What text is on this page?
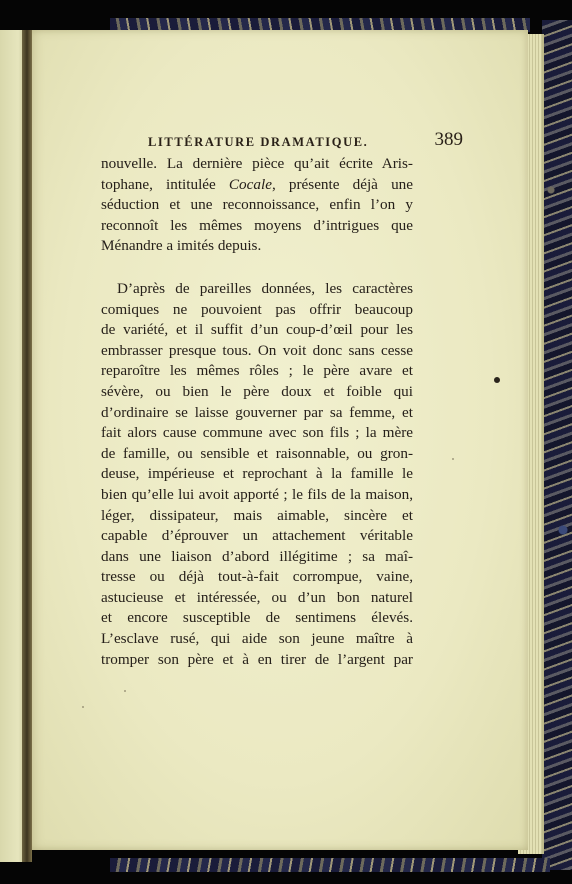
LITTÉRATURE DRAMATIQUE.	389
nouvelle. La dernière pièce qu’ait écrite Aris-
tophane, intitulée Cocale, présente déjà une
séduction et une reconnoissance, enfin l’on y
reconnoît les mêmes moyens d’intrigues que
Ménandre a imités depuis.
D’après de pareilles données, les caractères
comiques ne pouvoient pas offrir beaucoup
de variété, et il suffit d’un coup-d’œil pour les
embrasser presque tous. On voit donc sans cesse
reparoître les mêmes rôles ; le père avare et
sévère, ou bien le père doux et foible qui
d’ordinaire se laisse gouverner par sa femme, et
fait alors cause commune avec son fils ; la mère
de famille, ou sensible et raisonnable, ou gron-
deuse, impérieuse et reprochant à la famille le
bien qu’elle lui avoit apporté ; le fils de la maison,
léger, dissipateur, mais aimable, sincère et
capable d’éprouver un attachement véritable
dans une liaison d’abord illégitime ; sa maî-
tresse ou déjà tout-à-fait corrompue, vaine,
astucieuse et intéressée, ou d’un bon naturel
et encore susceptible de sentimens élevés.
L’esclave rusé, qui aide son jeune maître à
tromper son père et à en tirer de l’argent par
